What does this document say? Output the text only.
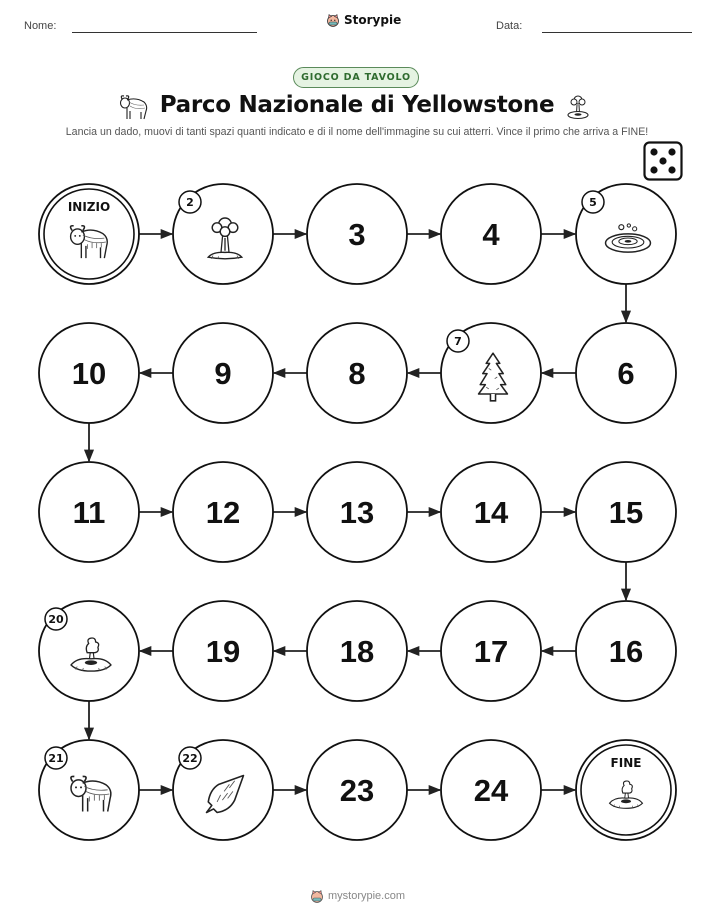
Nome:	Storypie	Data:
GIOCO DA TAVOLO
Parco Nazionale di Yellowstone
Lancia un dado, muovi di tanti spazi quanti indicato e di il nome dell'immagine su cui atterri. Vince il primo che arriva a FINE!
INIZIO	2
3	4
5
6
7
8
9
10
11	12	13	14	15
16
17
18
19
20
21	22
23	24
FINE
mystorypie.com
